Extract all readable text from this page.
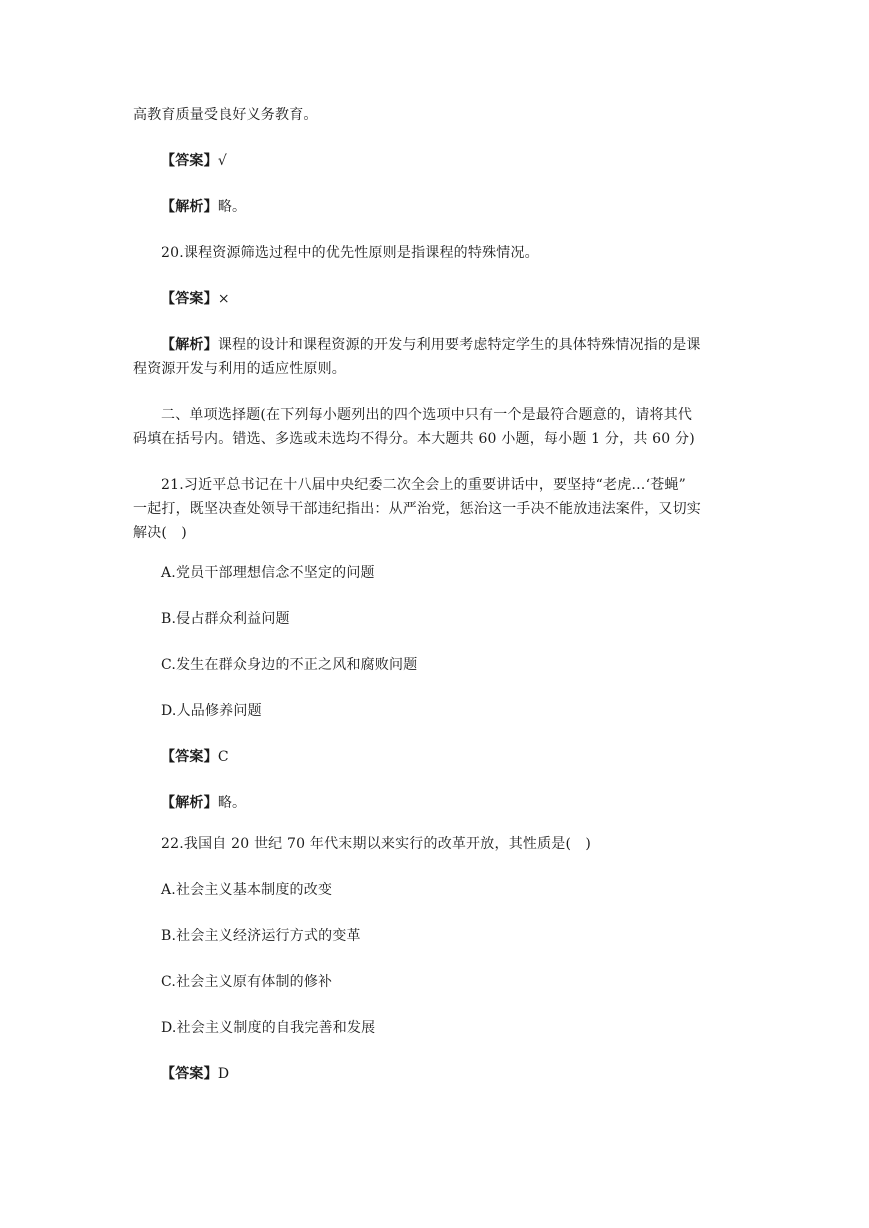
高教育质量受良好义务教育。
【答案】√
【解析】略。
20.课程资源筛选过程中的优先性原则是指课程的特殊情况。
【答案】×
【解析】课程的设计和课程资源的开发与利用要考虑特定学生的具体特殊情况指的是课
程资源开发与利用的适应性原则。
二、单项选择题(在下列每小题列出的四个选项中只有一个是最符合题意的，请将其代
码填在括号内。错选、多选或未选均不得分。本大题共 60 小题，每小题 1 分，共 60 分)
21.习近平总书记在十八届中央纪委二次全会上的重要讲话中，要坚持“老虎…‘苍蝇”
一起打，既坚决查处领导干部违纪指出：从严治党，惩治这一手决不能放违法案件，又切实
解决(　)
A.党员干部理想信念不坚定的问题
B.侵占群众利益问题
C.发生在群众身边的不正之风和腐败问题
D.人品修养问题
【答案】C
【解析】略。
22.我国自 20 世纪 70 年代末期以来实行的改革开放，其性质是(　)
A.社会主义基本制度的改变
B.社会主义经济运行方式的变革
C.社会主义原有体制的修补
D.社会主义制度的自我完善和发展
【答案】D
